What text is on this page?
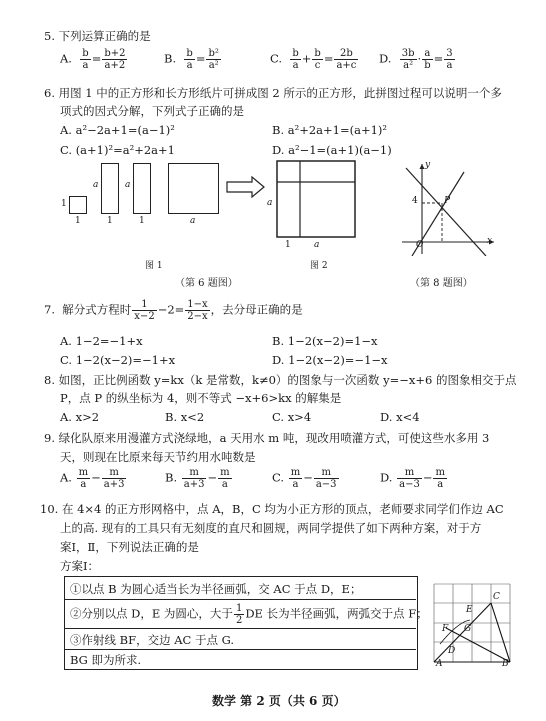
5. 下列运算正确的是
A. $\frac{b}{a} = \frac{b+2}{a+2}$	B. $\frac{b}{a} = \frac{\text{b²}}{\text{a²}}$	C. $\frac{b}{a} + \frac{b}{c} = \frac{2b}{a+c} D$. $\frac{3b}{\text{a²}} \cdot \frac{a}{b} = \frac{3}{a}$
6. 用图 1 中的正方形和长方形纸片可拼成图 2 所示的正方形，此拼图过程可以说明一个多
项式的因式分解，下列式子正确的是
A. a²−2a+1=(a−1)²	B. a²+2a+1=(a+1)²
C. (a+1)²=a²+2a+1	D. a²−1=(a+1)(a−1)
1
1
a
1
a
1	a
图 1
a
1	a
图 2
（第 6 题图）
y
4	P
O	x
（第 8 题图）
7. 解分式方程时 $\frac{1}{x-2} -2= \frac{1-x}{2-x}$ ，去分母正确的是
A. 1−2=−1+x	B. 1−2(x−2)=1−x
C. 1−2(x−2)=−1+x	D. 1−2(x−2)=−1−x
8. 如图，正比例函数 y=kx（k 是常数，k≠0）的图象与一次函数 y=−x+6 的图象相交于点
P，点 P 的纵坐标为 4，则不等式 −x+6>kx 的解集是
A. x>2	B. x<2	C. x>4	D. x<4
9. 绿化队原来用漫灌方式浇绿地，a 天用水 m 吨，现改用喷灌方式，可使这些水多用 3
天，则现在比原来每天节约用水吨数是
A. $\frac{m}{a} - \frac{m}{a+3}$	B. $\frac{m}{a+3} - \frac{m}{a}$	C. $\frac{m}{a} - \frac{m}{a-3}$	D. $\frac{m}{a-3} - \frac{m}{a}$
10. 在 4×4 的正方形网格中，点 A，B，C 均为小正方形的顶点，老师要求同学们作边 AC
上的高. 现有的工具只有无刻度的直尺和圆规，两同学提供了如下两种方案，对于方
案Ⅰ，Ⅱ，下列说法正确的是
方案Ⅰ：
①以点 B 为圆心适当长为半径画弧，交 AC 于点 D，E；
②分别以点 D，E 为圆心，大于 $\frac{1}{2}$ DE 长为半径画弧，两弧交于点 F；
③作射线 BF，交边 AC 于点 G.
BG 即为所求.
C
E
F G
D
A	B
数学 第 2 页（共 6 页）
